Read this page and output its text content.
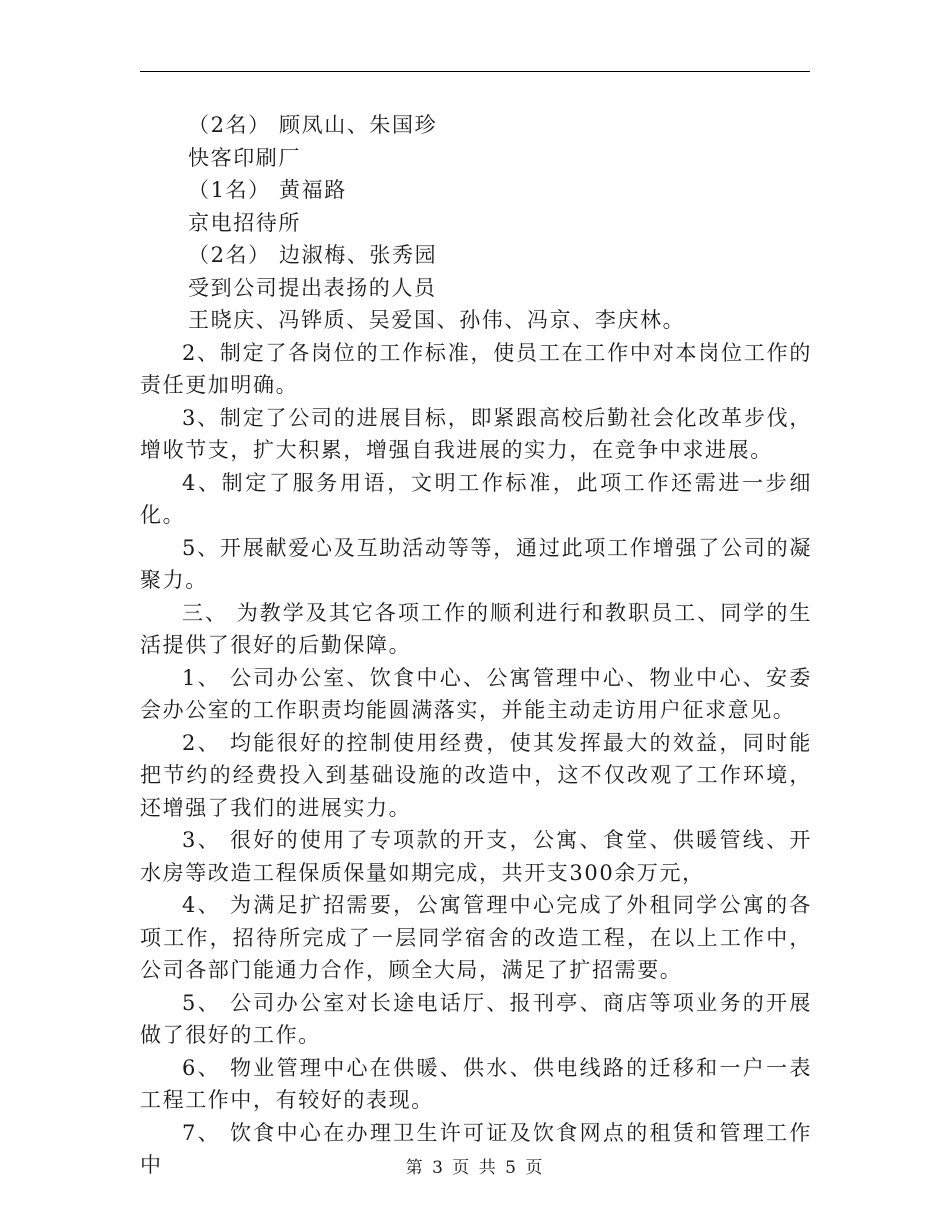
（2名） 顾凤山、朱国珍
快客印刷厂
（1名） 黄福路
京电招待所
（2名） 边淑梅、张秀园
受到公司提出表扬的人员
王晓庆、冯铧质、吴爱国、孙伟、冯京、李庆林。

2、制定了各岗位的工作标准，使员工在工作中对本岗位工作的责任更加明确。

3、制定了公司的进展目标，即紧跟高校后勤社会化改革步伐，增收节支，扩大积累，增强自我进展的实力，在竞争中求进展。

4、制定了服务用语，文明工作标准，此项工作还需进一步细化。

5、开展献爱心及互助活动等等，通过此项工作增强了公司的凝聚力。

三、 为教学及其它各项工作的顺利进行和教职员工、同学的生活提供了很好的后勤保障。

1、 公司办公室、饮食中心、公寓管理中心、物业中心、安委会办公室的工作职责均能圆满落实，并能主动走访用户征求意见。

2、 均能很好的控制使用经费，使其发挥最大的效益，同时能把节约的经费投入到基础设施的改造中，这不仅改观了工作环境，还增强了我们的进展实力。

3、 很好的使用了专项款的开支，公寓、食堂、供暖管线、开水房等改造工程保质保量如期完成，共开支300余万元，

4、 为满足扩招需要，公寓管理中心完成了外租同学公寓的各项工作，招待所完成了一层同学宿舍的改造工程，在以上工作中，公司各部门能通力合作，顾全大局，满足了扩招需要。

5、 公司办公室对长途电话厅、报刊亭、商店等项业务的开展做了很好的工作。

6、 物业管理中心在供暖、供水、供电线路的迁移和一户一表工程工作中，有较好的表现。

7、 饮食中心在办理卫生许可证及饮食网点的租赁和管理工作中	第 3 页 共 5 页
